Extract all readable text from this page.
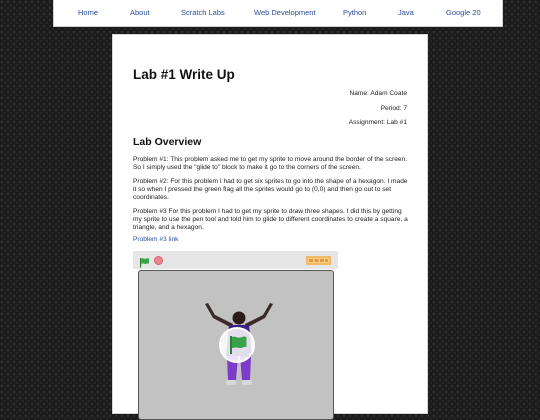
Home	About	Scratch Labs	Web Development	Python	Java	Google 20
Lab #1 Write Up
Name: Adam Coate
Period: 7
Assignment: Lab #1
Lab Overview
Problem #1: This problem asked me to get my sprite to move around the border of the screen. So I simply used the "glide to" block to make it go to the corners of the screen.
Problem #2: For this problem I had to get six sprites to go into the shape of a hexagon. I made it so when I pressed the green flag all the sprites would go to (0,0) and then go out to set coordinates.
Problem #3 For this problem I had to get my sprite to draw three shapes. I did this by getting my sprite to use the pen tool and told him to glide to different coordinates to create a square, a triangle, and a hexagon.
Problem #3 link
